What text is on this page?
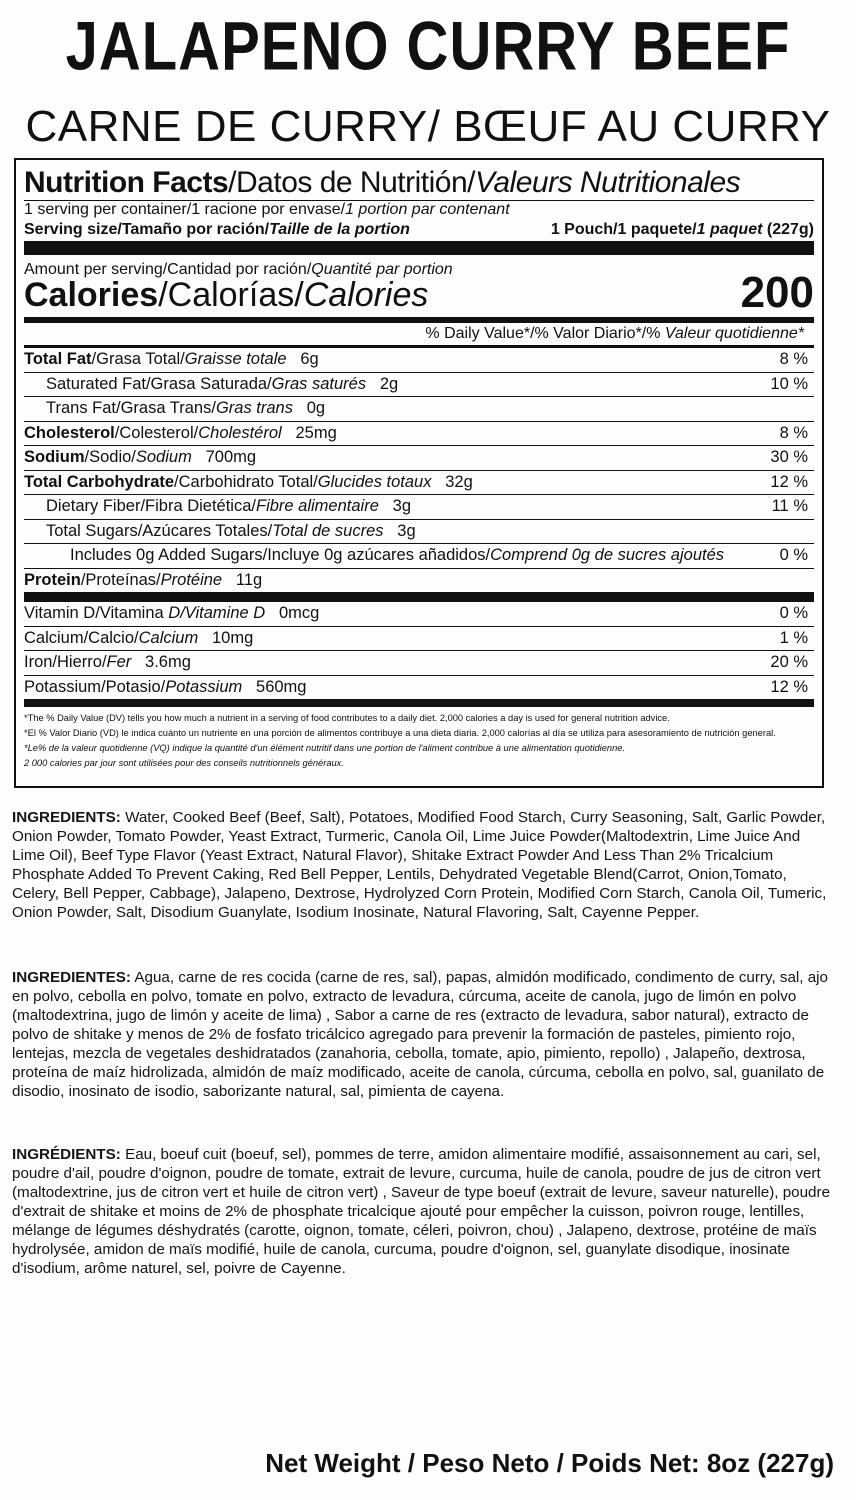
JALAPENO CURRY BEEF
CARNE DE CURRY/ BŒUF AU CURRY
Nutrition Facts/Datos de Nutritión/Valeurs Nutritionales
1 serving per container/1 racione por envase/1 portion par contenant
Serving size/Tamaño por ración/Taille de la portion	1 Pouch/1 paquete/1 paquet (227g)
Amount per serving/Cantidad por ración/Quantité par portion
Calories/Calorías/Calories	200
% Daily Value*/% Valor Diario*/% Valeur quotidienne*
Total Fat/Grasa Total/Graisse totale 6g	8 %
Saturated Fat/Grasa Saturada/Gras saturés 2g	10 %
Trans Fat/Grasa Trans/Gras trans 0g
Cholesterol/Colesterol/Cholestérol 25mg	8 %
Sodium/Sodio/Sodium 700mg	30 %
Total Carbohydrate/Carbohidrato Total/Glucides totaux 32g	12 %
Dietary Fiber/Fibra Dietética/Fibre alimentaire 3g	11 %
Total Sugars/Azúcares Totales/Total de sucres 3g
Includes 0g Added Sugars/Incluye 0g azúcares añadidos/Comprend 0g de sucres ajoutés	0 %
Protein/Proteínas/Protéine 11g
Vitamin D/Vitamina D/Vitamine D 0mcg	0 %
Calcium/Calcio/Calcium 10mg	1 %
Iron/Hierro/Fer 3.6mg	20 %
Potassium/Potasio/Potassium 560mg	12 %
*The % Daily Value (DV) tells you how much a nutrient in a serving of food contributes to a daily diet. 2,000 calories a day is used for general nutrition advice.
*El % Valor Diario (VD) le indica cuánto un nutriente en una porción de alimentos contribuye a una dieta diaria. 2,000 calorías al día se utiliza para asesoramiento de nutrición general.
*Le% de la valeur quotidienne (VQ) indique la quantité d'un élément nutritif dans une portion de l'aliment contribue à une alimentation quotidienne.
2 000 calories par jour sont utilisées pour des conseils nutritionnels généraux.
INGREDIENTS: Water, Cooked Beef (Beef, Salt), Potatoes, Modified Food Starch, Curry Seasoning, Salt, Garlic Powder, Onion Powder, Tomato Powder, Yeast Extract, Turmeric, Canola Oil, Lime Juice Powder(Maltodextrin, Lime Juice And Lime Oil), Beef Type Flavor (Yeast Extract, Natural Flavor), Shitake Extract Powder And Less Than 2% Tricalcium Phosphate Added To Prevent Caking, Red Bell Pepper, Lentils, Dehydrated Vegetable Blend(Carrot, Onion,Tomato, Celery, Bell Pepper, Cabbage), Jalapeno, Dextrose, Hydrolyzed Corn Protein, Modified Corn Starch, Canola Oil, Tumeric, Onion Powder, Salt, Disodium Guanylate, Isodium Inosinate, Natural Flavoring, Salt, Cayenne Pepper.
INGREDIENTES: Agua, carne de res cocida (carne de res, sal), papas, almidón modificado, condimento de curry, sal, ajo en polvo, cebolla en polvo, tomate en polvo, extracto de levadura, cúrcuma, aceite de canola, jugo de limón en polvo (maltodextrina, jugo de limón y aceite de lima) , Sabor a carne de res (extracto de levadura, sabor natural), extracto de polvo de shitake y menos de 2% de fosfato tricálcico agregado para prevenir la formación de pasteles, pimiento rojo, lentejas, mezcla de vegetales deshidratados (zanahoria, cebolla, tomate, apio, pimiento, repollo) , Jalapeño, dextrosa, proteína de maíz hidrolizada, almidón de maíz modificado, aceite de canola, cúrcuma, cebolla en polvo, sal, guanilato de disodio, inosinato de isodio, saborizante natural, sal, pimienta de cayena.
INGRÉDIENTS: Eau, boeuf cuit (boeuf, sel), pommes de terre, amidon alimentaire modifié, assaisonnement au cari, sel, poudre d'ail, poudre d'oignon, poudre de tomate, extrait de levure, curcuma, huile de canola, poudre de jus de citron vert (maltodextrine, jus de citron vert et huile de citron vert) , Saveur de type boeuf (extrait de levure, saveur naturelle), poudre d'extrait de shitake et moins de 2% de phosphate tricalcique ajouté pour empêcher la cuisson, poivron rouge, lentilles, mélange de légumes déshydratés (carotte, oignon, tomate, céleri, poivron, chou) , Jalapeno, dextrose, protéine de maïs hydrolysée, amidon de maïs modifié, huile de canola, curcuma, poudre d'oignon, sel, guanylate disodique, inosinate d'isodium, arôme naturel, sel, poivre de Cayenne.
Net Weight / Peso Neto / Poids Net: 8oz (227g)
